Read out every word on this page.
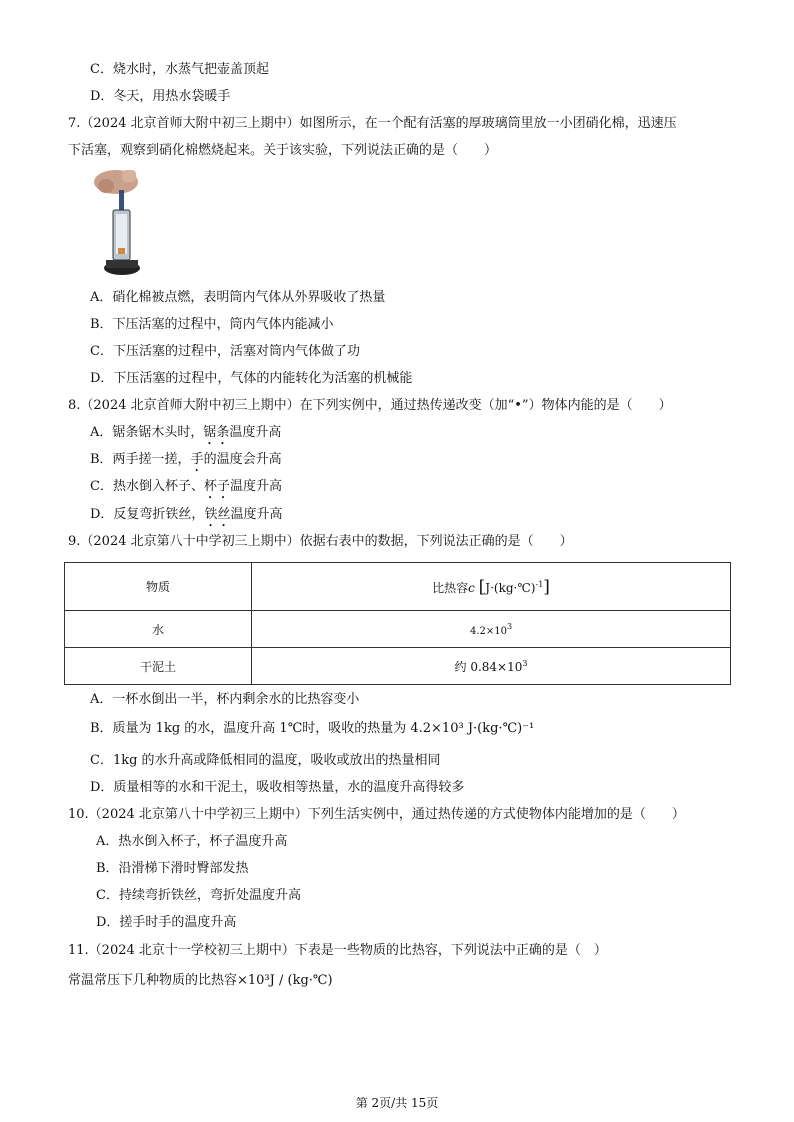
C．烧水时，水蒸气把壶盖顶起
D．冬天，用热水袋暖手
7.（2024 北京首师大附中初三上期中）如图所示，在一个配有活塞的厚玻璃筒里放一小团硝化棉，迅速压
下活塞，观察到硝化棉燃烧起来。关于该实验，下列说法正确的是（　　）
A．硝化棉被点燃，表明筒内气体从外界吸收了热量
B．下压活塞的过程中，筒内气体内能减小
C．下压活塞的过程中，活塞对筒内气体做了功
D．下压活塞的过程中，气体的内能转化为活塞的机械能
8.（2024 北京首师大附中初三上期中）在下列实例中，通过热传递改变（加“•”）物体内能的是（　　）
A．锯条锯木头时，锯条温度升高
B．两手搓一搓，手的温度会升高
C．热水倒入杯子、杯子温度升高
D．反复弯折铁丝，铁丝温度升高
9.（2024 北京第八十中学初三上期中）依据右表中的数据，下列说法正确的是（　　）
物质	比热容c [J·(kg·℃)$^{-1}$]
水	$4.2\times 10^3$
干泥土	约 $0.84\times 10^3$
A．一杯水倒出一半，杯内剩余水的比热容变小
B．质量为 1kg 的水，温度升高 1℃时，吸收的热量为 4.2×10³ J·(kg·℃)⁻¹
C．1kg 的水升高或降低相同的温度，吸收或放出的热量相同
D．质量相等的水和干泥土，吸收相等热量，水的温度升高得较多
10.（2024 北京第八十中学初三上期中）下列生活实例中，通过热传递的方式使物体内能增加的是（　　）
A．热水倒入杯子，杯子温度升高
B．沿滑梯下滑时臀部发热
C．持续弯折铁丝，弯折处温度升高
D．搓手时手的温度升高
11.（2024 北京十一学校初三上期中）下表是一些物质的比热容，下列说法中正确的是（　）
常温常压下几种物质的比热容×10³J / (kg·℃)
第 2页/共 15页
